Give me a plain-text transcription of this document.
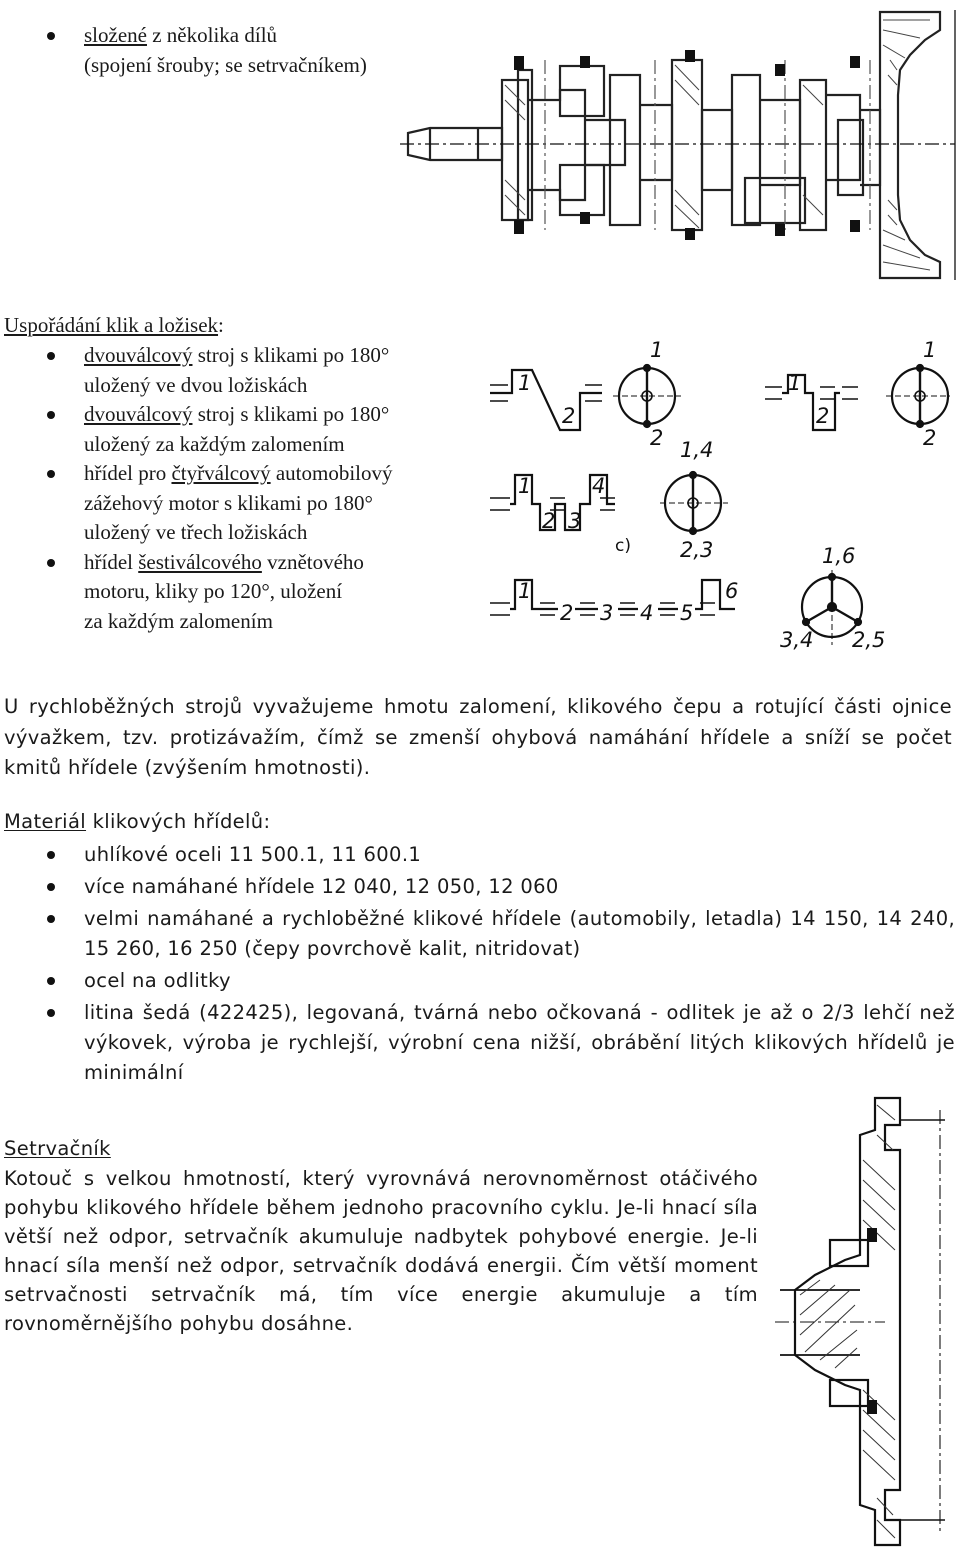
složené z několika dílů
(spojení šrouby; se setrvačníkem)
Uspořádání klik a ložisek:
dvouválcový stroj s klikami po 180°
uložený ve dvou ložiskách
dvouválcový stroj s klikami po 180°
uložený za každým zalomením
hřídel pro čtyřválcový automobilový
zážehový motor s klikami po 180°
uložený ve třech ložiskách
hřídel šestiválcového vznětového
motoru, kliky po 120°, uložení
za každým zalomením
1
2
1
2
1
2
1
2
1
2 3
4
1,4
2,3
c)
1
2 3 4 5
6
1,6
3,4 2,5

U rychloběžných strojů vyvažujeme hmotu zalomení, klikového čepu a rotující části ojnice vývažkem, tzv. protizávažím, čímž se zmenší ohybová namáhání hřídele a sníží se počet kmitů hřídele (zvýšením hmotnosti).

Materiál klikových hřídelů:
uhlíkové oceli 11 500.1, 11 600.1
více namáhané hřídele 12 040, 12 050, 12 060
velmi namáhané a rychloběžné klikové hřídele (automobily, letadla) 14 150, 14 240, 15 260, 16 250 (čepy povrchově kalit, nitridovat)
ocel na odlitky
litina šedá (422425), legovaná, tvárná nebo očkovaná - odlitek je až o 2/3 lehčí než výkovek, výroba je rychlejší, výrobní cena nižší, obrábění litých klikových hřídelů je minimální
Setrvačník

Kotouč s velkou hmotností, který vyrovnává nerovnoměrnost otáčivého pohybu klikového hřídele během jednoho pracovního cyklu. Je-li hnací síla větší než odpor, setrvačník akumuluje nadbytek pohybové energie. Je-li hnací síla menší než odpor, setrvačník dodává energii. Čím větší moment setrvačnosti setrvačník má, tím více energie akumuluje a tím rovnoměrnějšího pohybu dosáhne.
